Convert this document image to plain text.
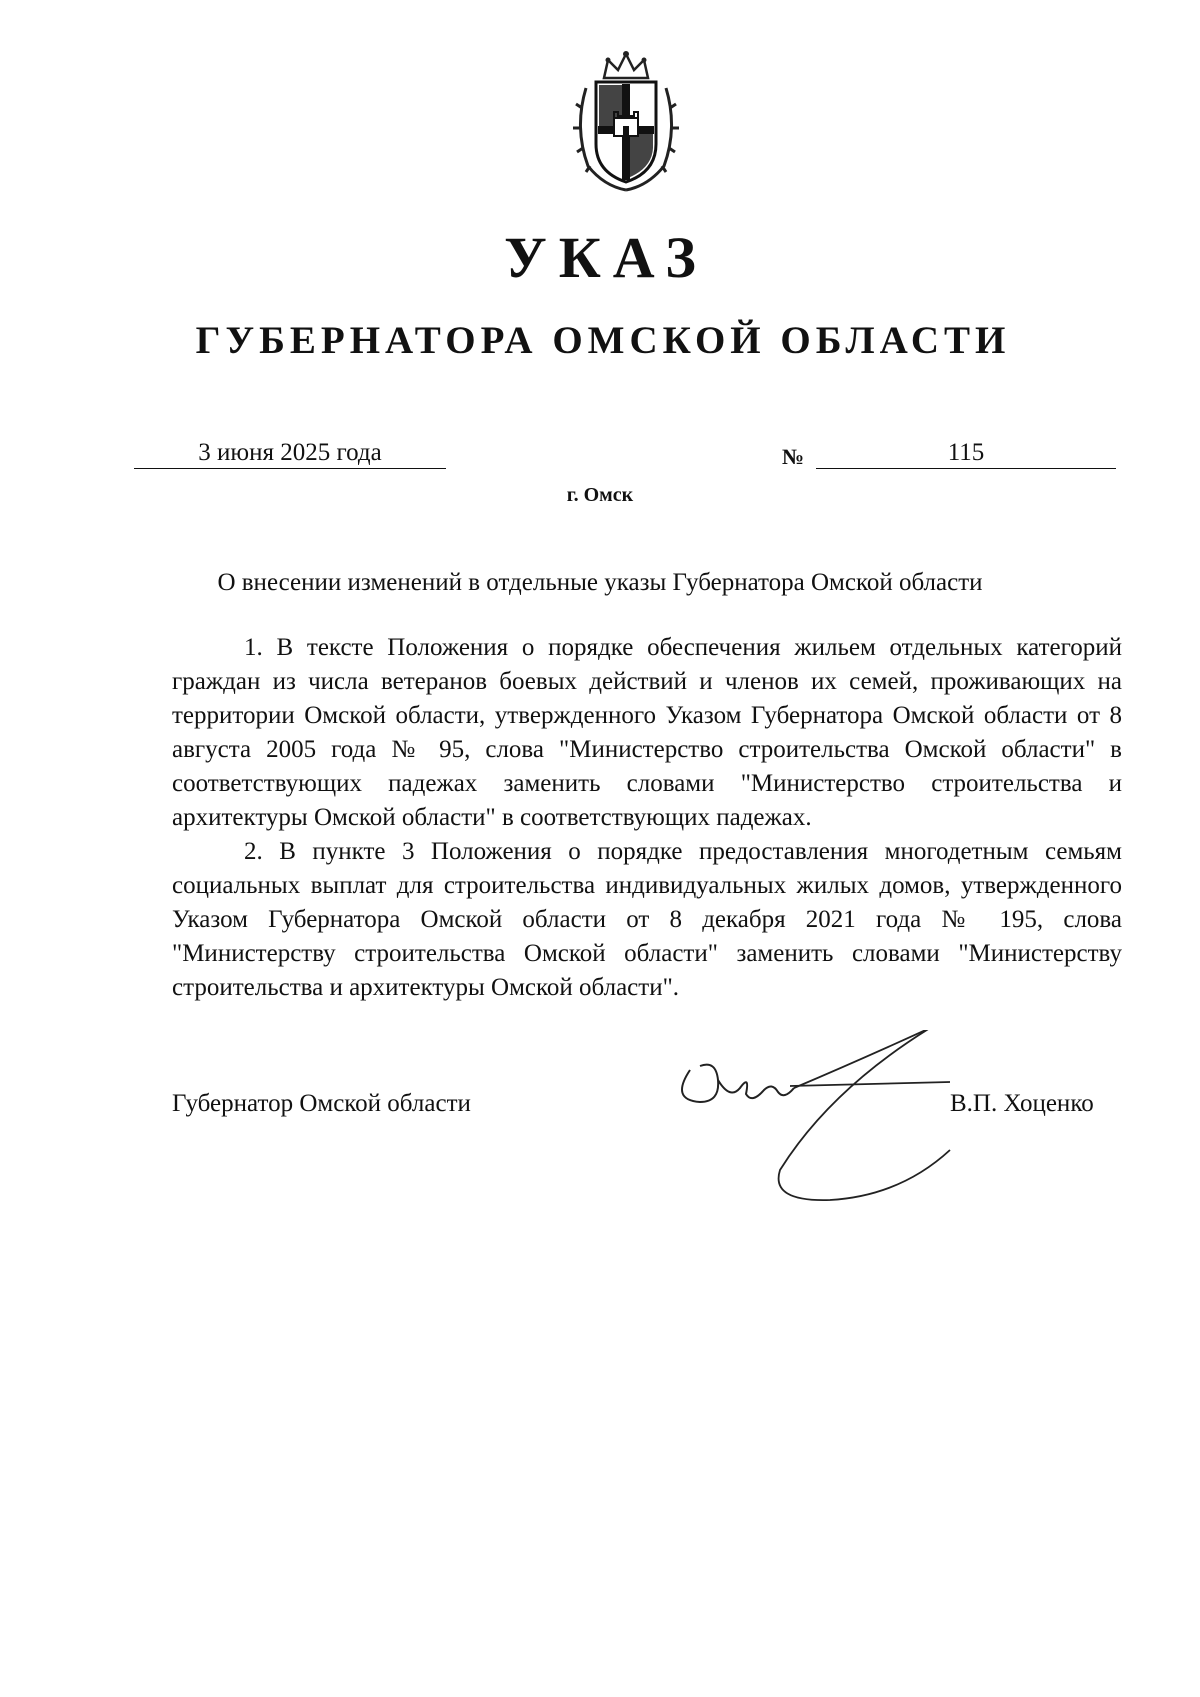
УКАЗ
ГУБЕРНАТОРА ОМСКОЙ ОБЛАСТИ
3 июня 2025 года	№	115
г. Омск
О внесении изменений в отдельные указы Губернатора Омской области

1. В тексте Положения о порядке обеспечения жильем отдельных категорий граждан из числа ветеранов боевых действий и членов их семей, проживающих на территории Омской области, утвержденного Указом Губернатора Омской области от 8 августа 2005 года № 95, слова "Министерство строительства Омской области" в соответствующих падежах заменить словами "Министерство строительства и архитектуры Омской области" в соответствующих падежах.

2. В пункте 3 Положения о порядке предоставления многодетным семьям социальных выплат для строительства индивидуальных жилых домов, утвержденного Указом Губернатора Омской области от 8 декабря 2021 года № 195, слова "Министерству строительства Омской области" заменить словами "Министерству строительства и архитектуры Омской области".

Губернатор Омской области	В.П. Хоценко
